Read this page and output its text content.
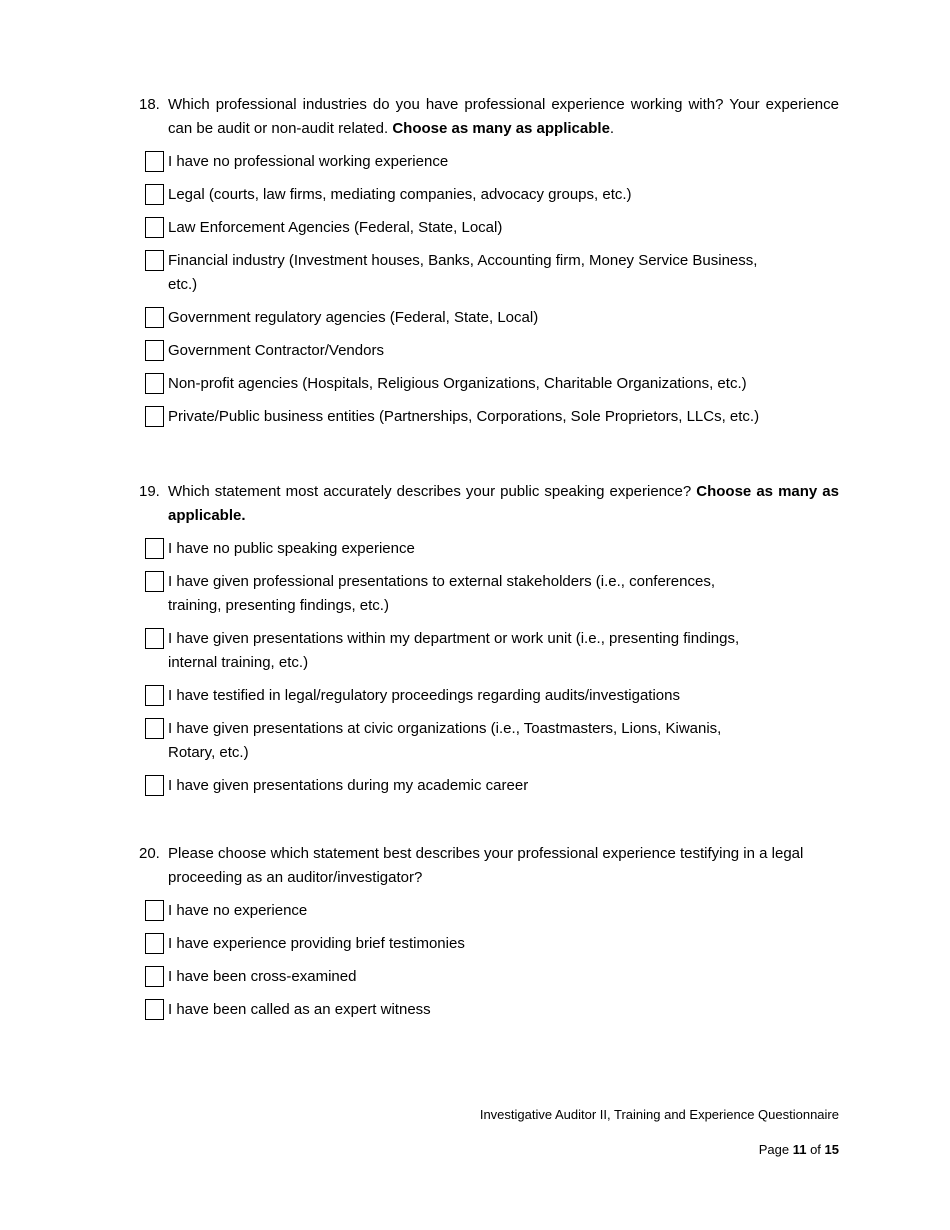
18. Which professional industries do you have professional experience working with? Your experience can be audit or non-audit related. Choose as many as applicable.
I have no professional working experience
Legal (courts, law firms, mediating companies, advocacy groups, etc.)
Law Enforcement Agencies (Federal, State, Local)
Financial industry (Investment houses, Banks, Accounting firm, Money Service Business, etc.)
Government regulatory agencies (Federal, State, Local)
Government Contractor/Vendors
Non-profit agencies (Hospitals, Religious Organizations, Charitable Organizations, etc.)
Private/Public business entities (Partnerships, Corporations, Sole Proprietors, LLCs, etc.)
19. Which statement most accurately describes your public speaking experience? Choose as many as applicable.
I have no public speaking experience
I have given professional presentations to external stakeholders (i.e., conferences, training, presenting findings, etc.)
I have given presentations within my department or work unit (i.e., presenting findings, internal training, etc.)
I have testified in legal/regulatory proceedings regarding audits/investigations
I have given presentations at civic organizations (i.e., Toastmasters, Lions, Kiwanis, Rotary, etc.)
I have given presentations during my academic career
20. Please choose which statement best describes your professional experience testifying in a legal proceeding as an auditor/investigator?
I have no experience
I have experience providing brief testimonies
I have been cross-examined
I have been called as an expert witness
Investigative Auditor II, Training and Experience Questionnaire
Page 11 of 15
